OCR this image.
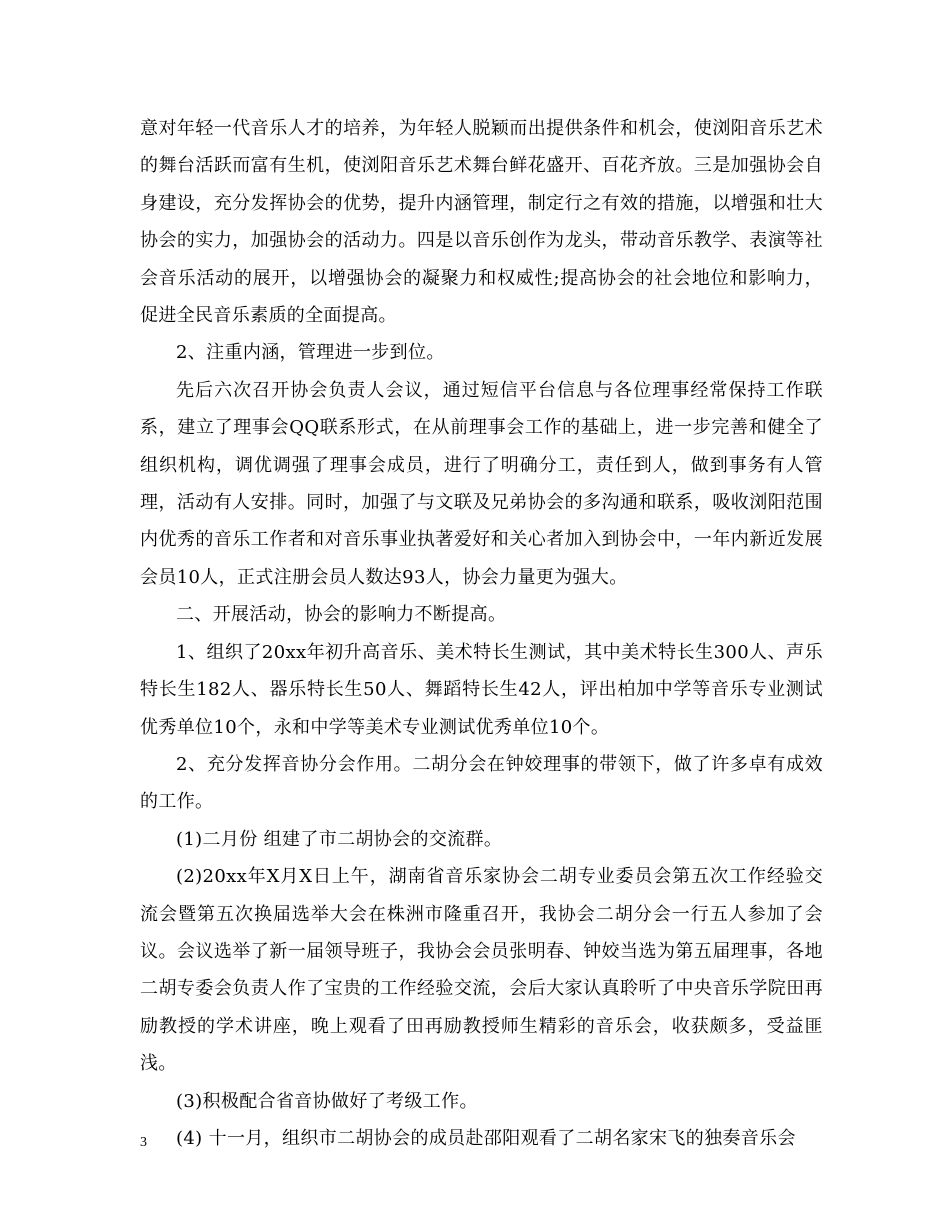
意对年轻一代音乐人才的培养，为年轻人脱颖而出提供条件和机会，使浏阳音乐艺术的舞台活跃而富有生机，使浏阳音乐艺术舞台鲜花盛开、百花齐放。三是加强协会自身建设，充分发挥协会的优势，提升内涵管理，制定行之有效的措施，以增强和壮大协会的实力，加强协会的活动力。四是以音乐创作为龙头，带动音乐教学、表演等社会音乐活动的展开，以增强协会的凝聚力和权威性;提高协会的社会地位和影响力，促进全民音乐素质的全面提高。

2、注重内涵，管理进一步到位。

先后六次召开协会负责人会议，通过短信平台信息与各位理事经常保持工作联系，建立了理事会QQ联系形式，在从前理事会工作的基础上，进一步完善和健全了组织机构，调优调强了理事会成员，进行了明确分工，责任到人，做到事务有人管理，活动有人安排。同时，加强了与文联及兄弟协会的多沟通和联系，吸收浏阳范围内优秀的音乐工作者和对音乐事业执著爱好和关心者加入到协会中，一年内新近发展会员10人，正式注册会员人数达93人，协会力量更为强大。

二、开展活动，协会的影响力不断提高。

1、组织了20xx年初升高音乐、美术特长生测试，其中美术特长生300人、声乐特长生182人、器乐特长生50人、舞蹈特长生42人，评出柏加中学等音乐专业测试优秀单位10个，永和中学等美术专业测试优秀单位10个。

2、充分发挥音协分会作用。二胡分会在钟姣理事的带领下，做了许多卓有成效的工作。

(1)二月份 组建了市二胡协会的交流群。

(2)20xx年X月X日上午，湖南省音乐家协会二胡专业委员会第五次工作经验交流会暨第五次换届选举大会在株洲市隆重召开，我协会二胡分会一行五人参加了会议。会议选举了新一届领导班子，我协会会员张明春、钟姣当选为第五届理事，各地二胡专委会负责人作了宝贵的工作经验交流，会后大家认真聆听了中央音乐学院田再励教授的学术讲座，晚上观看了田再励教授师生精彩的音乐会，收获颇多，受益匪浅。

(3)积极配合省音协做好了考级工作。

(4) 十一月，组织市二胡协会的成员赴邵阳观看了二胡名家宋飞的独奏音乐会

3
